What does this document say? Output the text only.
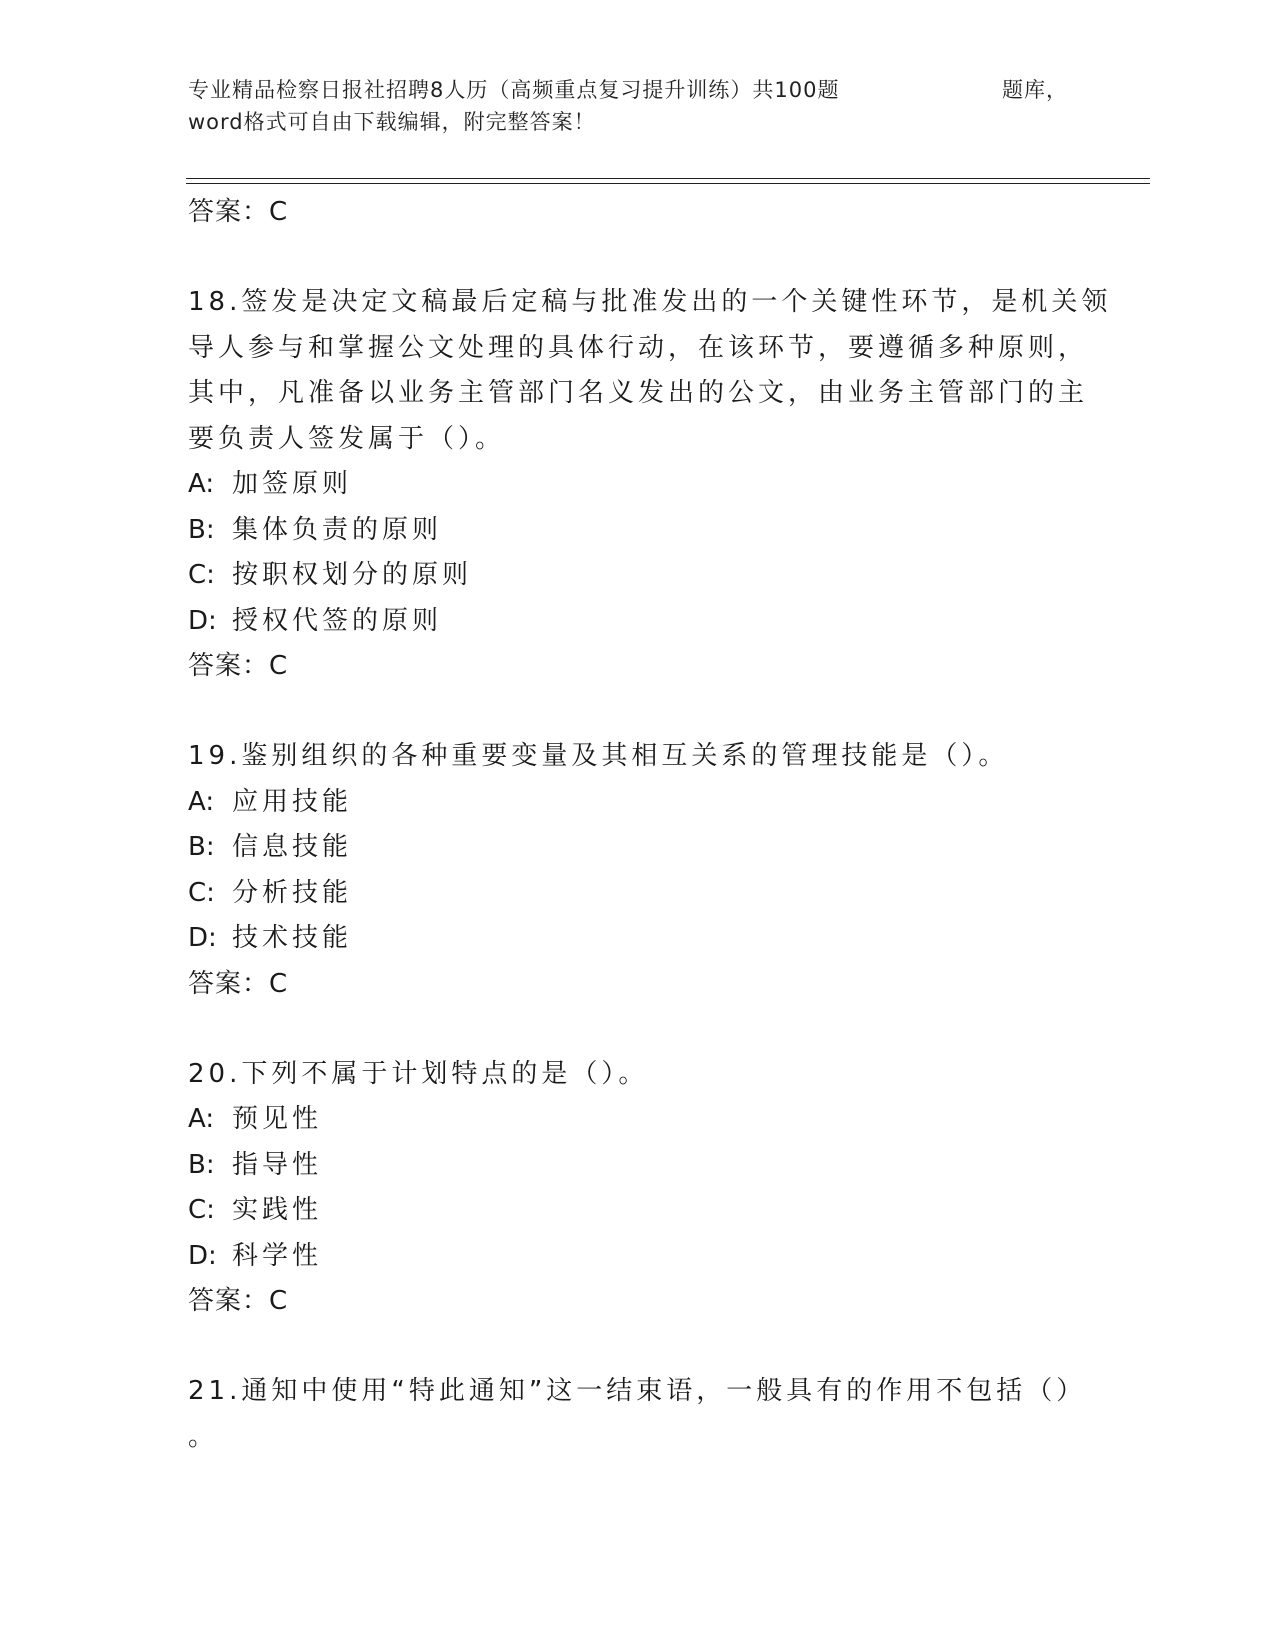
专业精品检察日报社招聘8人历（高频重点复习提升训练）共100题	题库，
word格式可自由下载编辑，附完整答案！
答案：C

18.签发是决定文稿最后定稿与批准发出的一个关键性环节，是机关领
导人参与和掌握公文处理的具体行动，在该环节，要遵循多种原则，
其中，凡准备以业务主管部门名义发出的公文，由业务主管部门的主
要负责人签发属于（）。

A: 加签原则
B: 集体负责的原则
C: 按职权划分的原则
D: 授权代签的原则
答案：C

19.鉴别组织的各种重要变量及其相互关系的管理技能是（）。

A: 应用技能
B: 信息技能
C: 分析技能
D: 技术技能
答案：C

20.下列不属于计划特点的是（）。

A: 预见性
B: 指导性
C: 实践性
D: 科学性
答案：C

21.通知中使用“特此通知”这一结束语，一般具有的作用不包括（）
。
